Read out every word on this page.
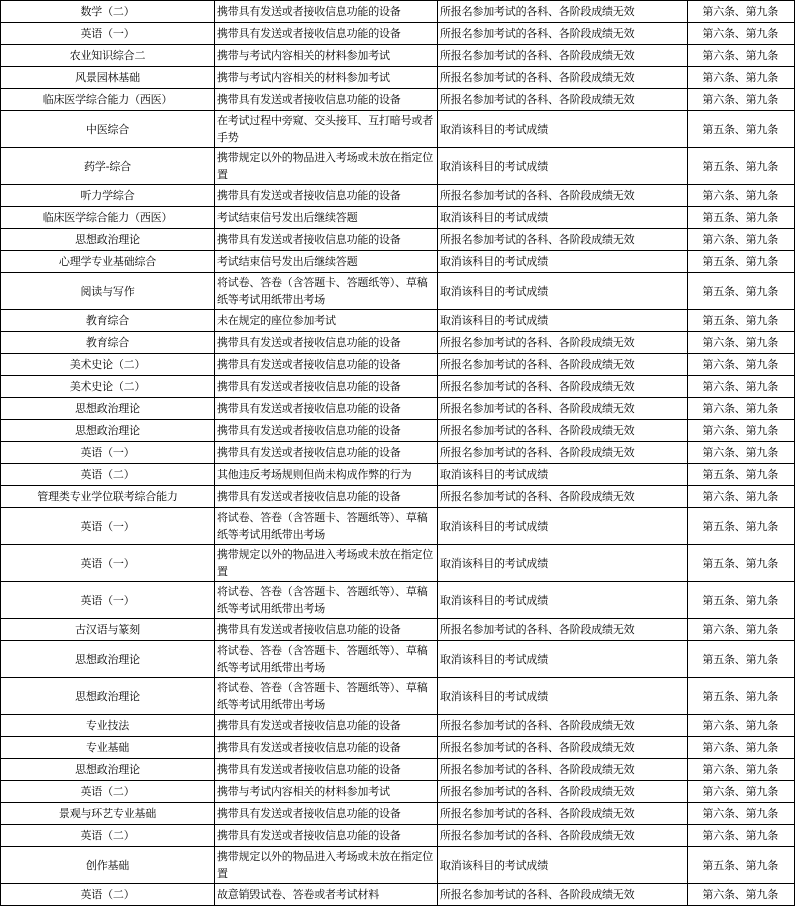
数学（二）	携带具有发送或者接收信息功能的设备	所报名参加考试的各科、各阶段成绩无效	第六条、第九条
英语（一）	携带具有发送或者接收信息功能的设备	所报名参加考试的各科、各阶段成绩无效	第六条、第九条
农业知识综合二	携带与考试内容相关的材料参加考试	所报名参加考试的各科、各阶段成绩无效	第六条、第九条
风景园林基础	携带与考试内容相关的材料参加考试	所报名参加考试的各科、各阶段成绩无效	第六条、第九条
临床医学综合能力（西医）	携带具有发送或者接收信息功能的设备	所报名参加考试的各科、各阶段成绩无效	第六条、第九条
中医综合	在考试过程中旁窥、交头接耳、互打暗号或者手势	取消该科目的考试成绩	第五条、第九条
药学-综合	携带规定以外的物品进入考场或未放在指定位置	取消该科目的考试成绩	第五条、第九条
听力学综合	携带具有发送或者接收信息功能的设备	所报名参加考试的各科、各阶段成绩无效	第六条、第九条
临床医学综合能力（西医）	考试结束信号发出后继续答题	取消该科目的考试成绩	第五条、第九条
思想政治理论	携带具有发送或者接收信息功能的设备	所报名参加考试的各科、各阶段成绩无效	第六条、第九条
心理学专业基础综合	考试结束信号发出后继续答题	取消该科目的考试成绩	第五条、第九条
阅读与写作	将试卷、答卷（含答题卡、答题纸等）、草稿纸等考试用纸带出考场	取消该科目的考试成绩	第五条、第九条
教育综合	未在规定的座位参加考试	取消该科目的考试成绩	第五条、第九条
教育综合	携带具有发送或者接收信息功能的设备	所报名参加考试的各科、各阶段成绩无效	第六条、第九条
美术史论（二）	携带具有发送或者接收信息功能的设备	所报名参加考试的各科、各阶段成绩无效	第六条、第九条
美术史论（二）	携带具有发送或者接收信息功能的设备	所报名参加考试的各科、各阶段成绩无效	第六条、第九条
思想政治理论	携带具有发送或者接收信息功能的设备	所报名参加考试的各科、各阶段成绩无效	第六条、第九条
思想政治理论	携带具有发送或者接收信息功能的设备	所报名参加考试的各科、各阶段成绩无效	第六条、第九条
英语（一）	携带具有发送或者接收信息功能的设备	所报名参加考试的各科、各阶段成绩无效	第六条、第九条
英语（二）	其他违反考场规则但尚未构成作弊的行为	取消该科目的考试成绩	第五条、第九条
管理类专业学位联考综合能力	携带具有发送或者接收信息功能的设备	所报名参加考试的各科、各阶段成绩无效	第六条、第九条
英语（一）	将试卷、答卷（含答题卡、答题纸等）、草稿纸等考试用纸带出考场	取消该科目的考试成绩	第五条、第九条
英语（一）	携带规定以外的物品进入考场或未放在指定位置	取消该科目的考试成绩	第五条、第九条
英语（一）	将试卷、答卷（含答题卡、答题纸等）、草稿纸等考试用纸带出考场	取消该科目的考试成绩	第五条、第九条
古汉语与篆刻	携带具有发送或者接收信息功能的设备	所报名参加考试的各科、各阶段成绩无效	第六条、第九条
思想政治理论	将试卷、答卷（含答题卡、答题纸等）、草稿纸等考试用纸带出考场	取消该科目的考试成绩	第五条、第九条
思想政治理论	将试卷、答卷（含答题卡、答题纸等）、草稿纸等考试用纸带出考场	取消该科目的考试成绩	第五条、第九条
专业技法	携带具有发送或者接收信息功能的设备	所报名参加考试的各科、各阶段成绩无效	第六条、第九条
专业基础	携带具有发送或者接收信息功能的设备	所报名参加考试的各科、各阶段成绩无效	第六条、第九条
思想政治理论	携带具有发送或者接收信息功能的设备	所报名参加考试的各科、各阶段成绩无效	第六条、第九条
英语（二）	携带与考试内容相关的材料参加考试	所报名参加考试的各科、各阶段成绩无效	第六条、第九条
景观与环艺专业基础	携带具有发送或者接收信息功能的设备	所报名参加考试的各科、各阶段成绩无效	第六条、第九条
英语（二）	携带具有发送或者接收信息功能的设备	所报名参加考试的各科、各阶段成绩无效	第六条、第九条
创作基础	携带规定以外的物品进入考场或未放在指定位置	取消该科目的考试成绩	第五条、第九条
英语（二）	故意销毁试卷、答卷或者考试材料	所报名参加考试的各科、各阶段成绩无效	第六条、第九条
